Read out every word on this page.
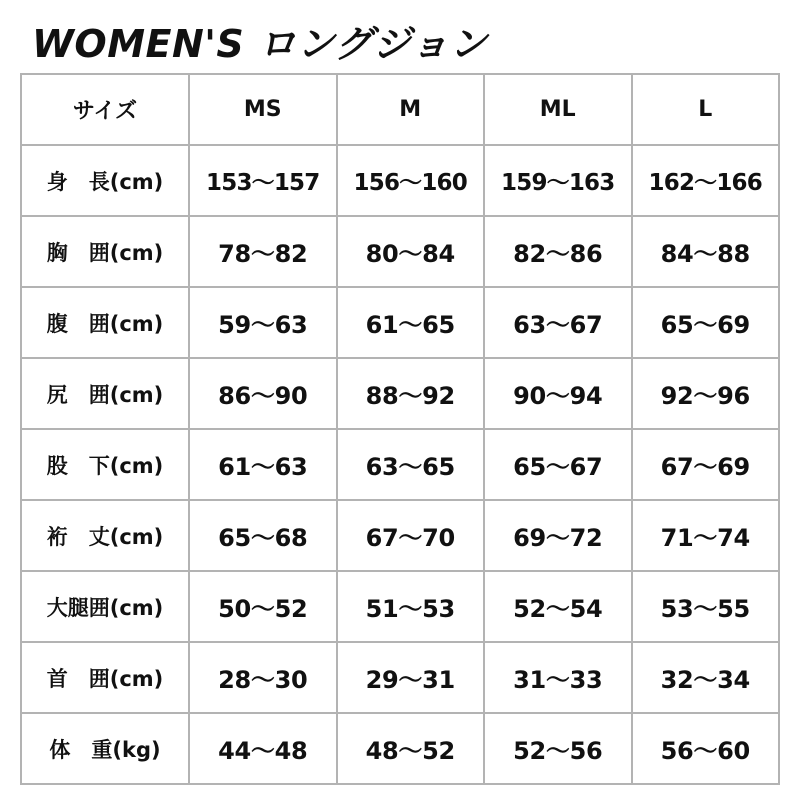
WOMEN'S ロングジョン
サイズ	MS	M	ML	L
身　長(cm)	153〜157	156〜160	159〜163	162〜166
胸　囲(cm)	78〜82	80〜84	82〜86	84〜88
腹　囲(cm)	59〜63	61〜65	63〜67	65〜69
尻　囲(cm)	86〜90	88〜92	90〜94	92〜96
股　下(cm)	61〜63	63〜65	65〜67	67〜69
裄　丈(cm)	65〜68	67〜70	69〜72	71〜74
大腿囲(cm)	50〜52	51〜53	52〜54	53〜55
首　囲(cm)	28〜30	29〜31	31〜33	32〜34
体　重(kg)	44〜48	48〜52	52〜56	56〜60
